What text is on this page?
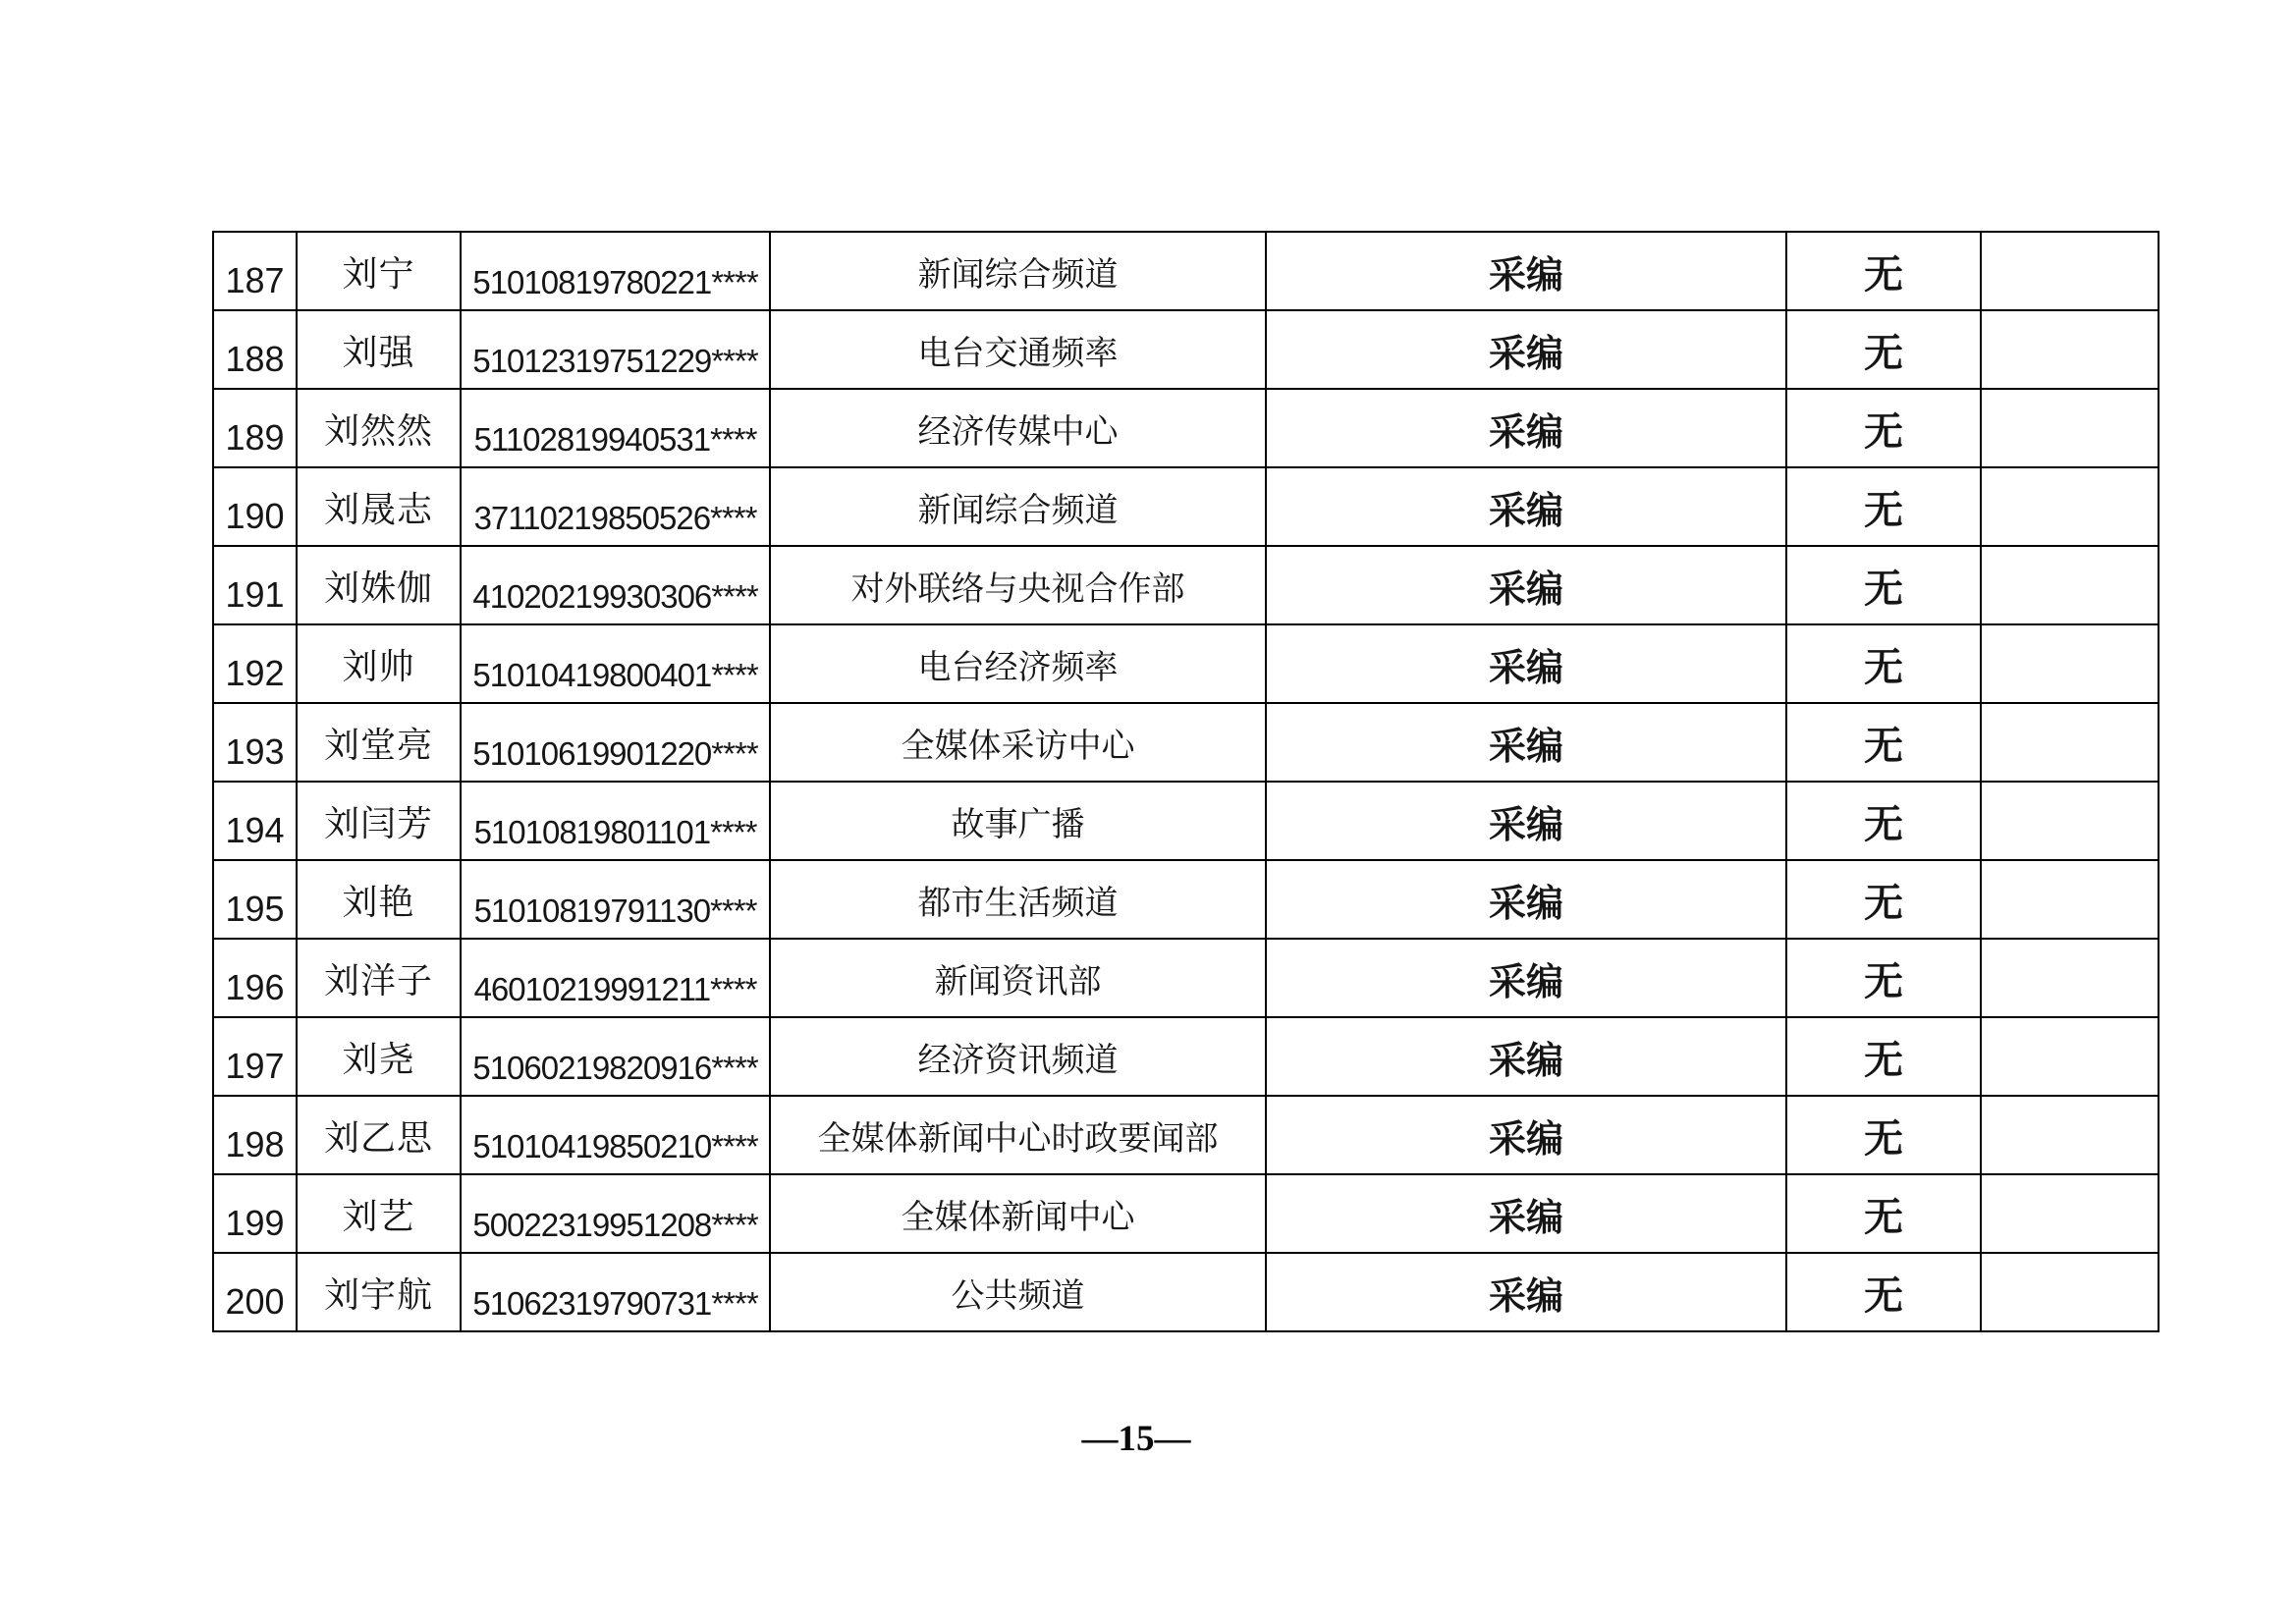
187	刘宁	51010819780221****	新闻综合频道	采编	无	
188	刘强	51012319751229****	电台交通频率	采编	无	
189	刘然然	51102819940531****	经济传媒中心	采编	无	
190	刘晟志	37110219850526****	新闻综合频道	采编	无	
191	刘姝伽	41020219930306****	对外联络与央视合作部	采编	无	
192	刘帅	51010419800401****	电台经济频率	采编	无	
193	刘堂亮	51010619901220****	全媒体采访中心	采编	无	
194	刘闫芳	51010819801101****	故事广播	采编	无	
195	刘艳	51010819791130****	都市生活频道	采编	无	
196	刘洋子	46010219991211****	新闻资讯部	采编	无	
197	刘尧	51060219820916****	经济资讯频道	采编	无	
198	刘乙思	51010419850210****	全媒体新闻中心时政要闻部	采编	无	
199	刘艺	50022319951208****	全媒体新闻中心	采编	无	
200	刘宇航	51062319790731****	公共频道	采编	无	
—15—
